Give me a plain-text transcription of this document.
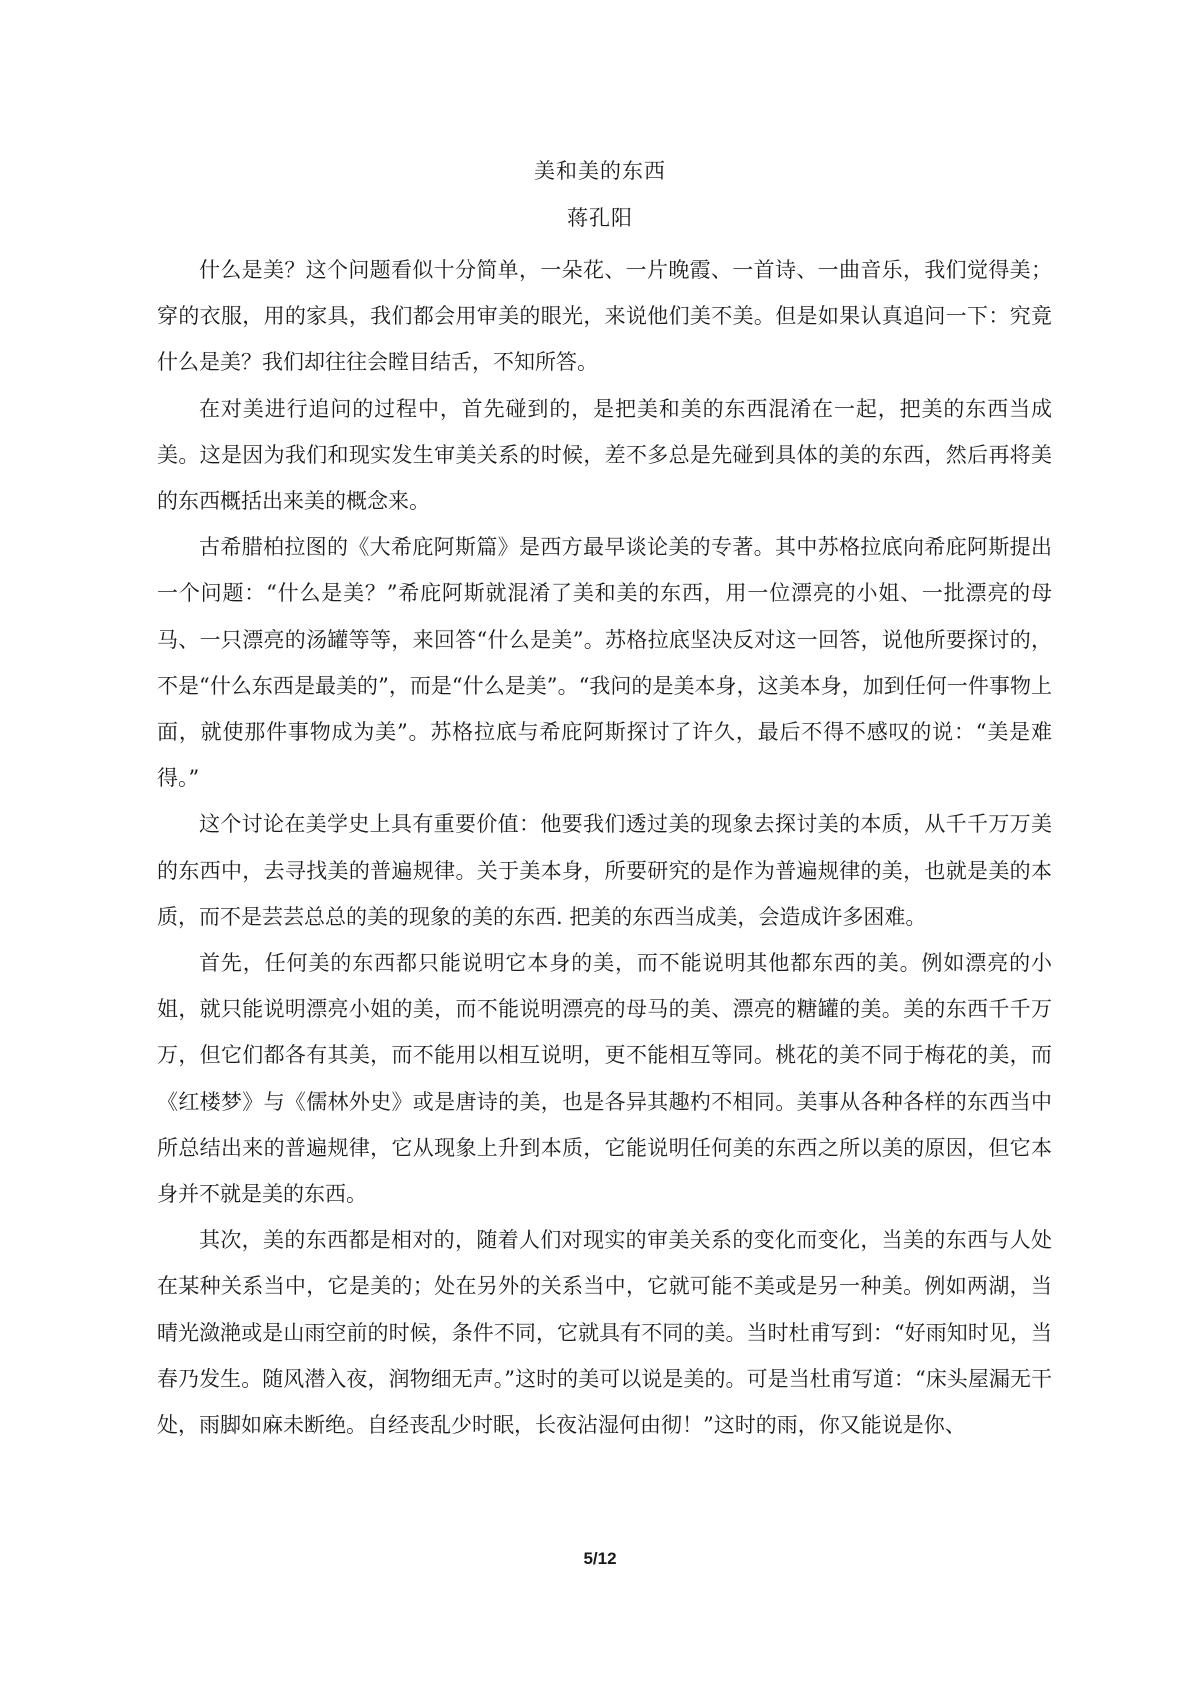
美和美的东西
蒋孔阳

什么是美？这个问题看似十分简单，一朵花、一片晚霞、一首诗、一曲音乐，我们觉得美；穿的衣服，用的家具，我们都会用审美的眼光，来说他们美不美。但是如果认真追问一下：究竟什么是美？我们却往往会瞠目结舌，不知所答。

在对美进行追问的过程中，首先碰到的，是把美和美的东西混淆在一起，把美的东西当成美。这是因为我们和现实发生审美关系的时候，差不多总是先碰到具体的美的东西，然后再将美的东西概括出来美的概念来。

古希腊柏拉图的《大希庇阿斯篇》是西方最早谈论美的专著。其中苏格拉底向希庇阿斯提出一个问题：“什么是美？”希庇阿斯就混淆了美和美的东西，用一位漂亮的小姐、一批漂亮的母马、一只漂亮的汤罐等等，来回答“什么是美”。苏格拉底坚决反对这一回答，说他所要探讨的，不是“什么东西是最美的”，而是“什么是美”。“我问的是美本身，这美本身，加到任何一件事物上面，就使那件事物成为美”。苏格拉底与希庇阿斯探讨了许久，最后不得不感叹的说：“美是难得。”

这个讨论在美学史上具有重要价值：他要我们透过美的现象去探讨美的本质，从千千万万美的东西中，去寻找美的普遍规律。关于美本身，所要研究的是作为普遍规律的美，也就是美的本质，而不是芸芸总总的美的现象的美的东西. 把美的东西当成美，会造成许多困难。

首先，任何美的东西都只能说明它本身的美，而不能说明其他都东西的美。例如漂亮的小姐，就只能说明漂亮小姐的美，而不能说明漂亮的母马的美、漂亮的糖罐的美。美的东西千千万万，但它们都各有其美，而不能用以相互说明，更不能相互等同。桃花的美不同于梅花的美，而《红楼梦》与《儒林外史》或是唐诗的美，也是各异其趣杓不相同。美事从各种各样的东西当中所总结出来的普遍规律，它从现象上升到本质，它能说明任何美的东西之所以美的原因，但它本身并不就是美的东西。

其次，美的东西都是相对的，随着人们对现实的审美关系的变化而变化，当美的东西与人处在某种关系当中，它是美的；处在另外的关系当中，它就可能不美或是另一种美。例如两湖，当晴光潋滟或是山雨空前的时候，条件不同，它就具有不同的美。当时杜甫写到：“好雨知时见，当春乃发生。随风潜入夜，润物细无声。”这时的美可以说是美的。可是当杜甫写道：“床头屋漏无干处，雨脚如麻未断绝。自经丧乱少时眠，长夜沾湿何由彻！”这时的雨，你又能说是你、

5/12
